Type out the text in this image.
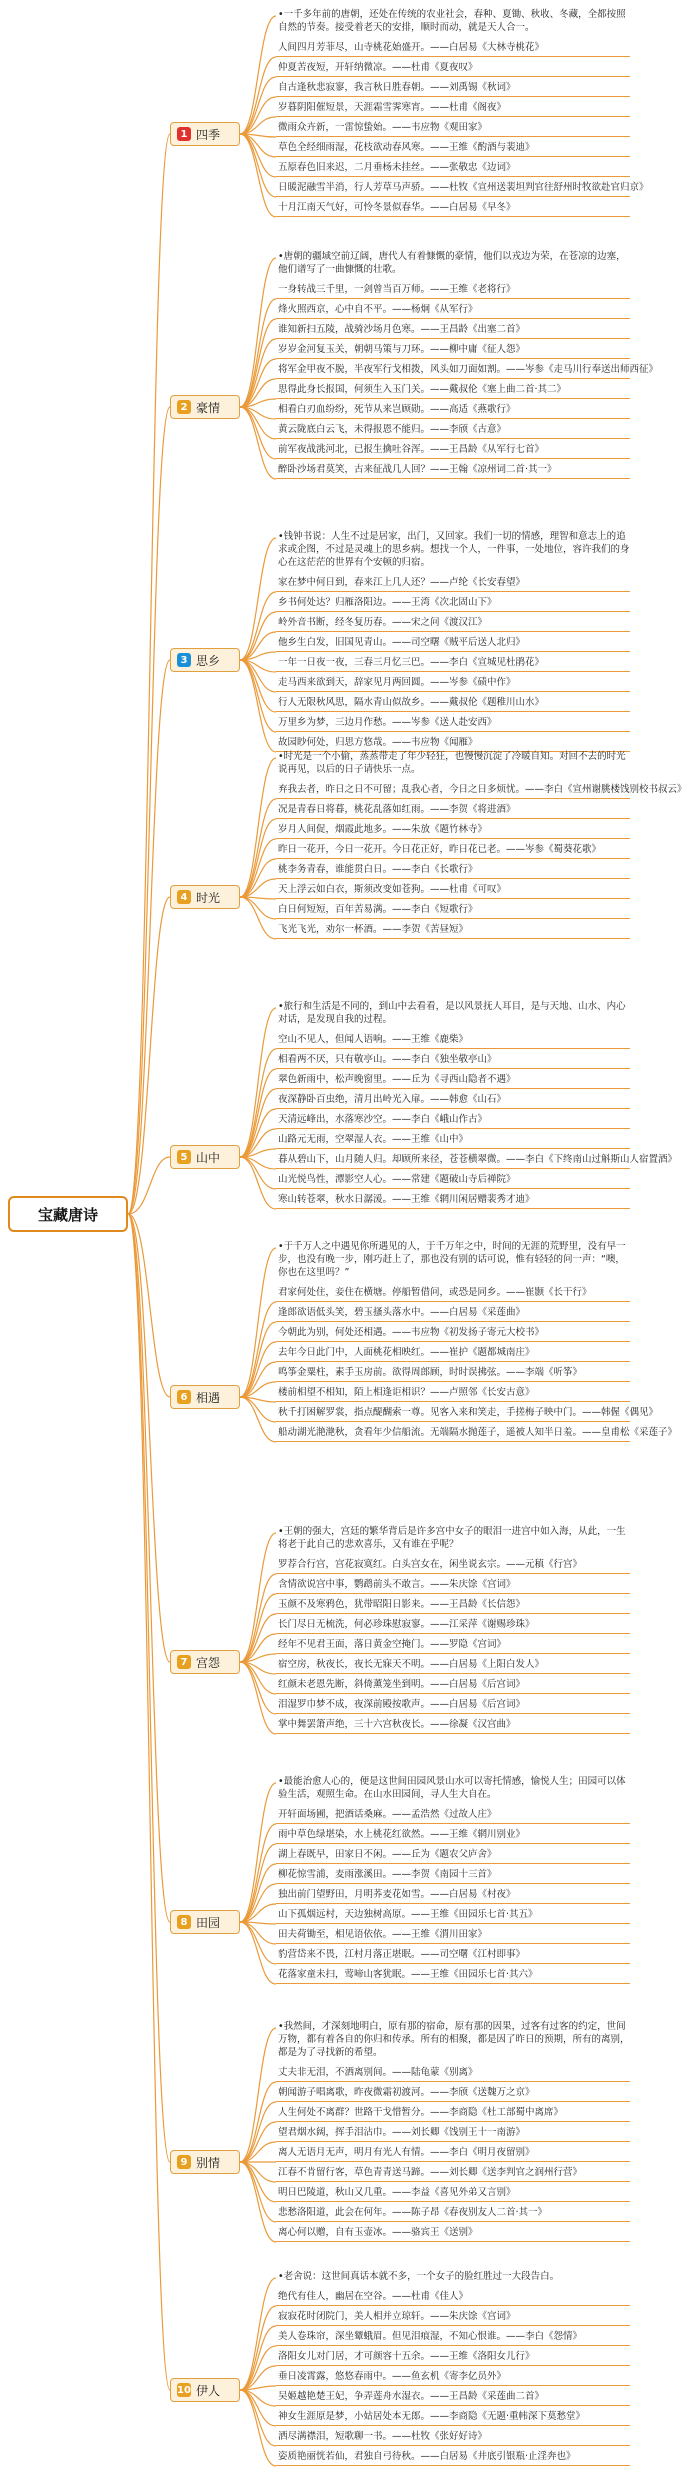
宝藏唐诗
1 四季
•一千多年前的唐朝，还处在传统的农业社会，春种、夏锄、秋收、冬藏，全都按照自然的节奏。接受着老天的安排，顺时而动，就是天人合一。
人间四月芳菲尽，山寺桃花始盛开。——白居易《大林寺桃花》
仲夏苦夜短，开轩纳微凉。——杜甫《夏夜叹》
自古逢秋悲寂寥，我言秋日胜春朝。——刘禹锡《秋词》
岁暮阴阳催短景，天涯霜雪霁寒宵。——杜甫《阁夜》
微雨众卉新，一雷惊蛰始。——韦应物《观田家》
草色全经细雨湿，花枝欲动春风寒。——王维《酌酒与裴迪》
五原春色旧来迟，二月垂杨未挂丝。——张敬忠《边词》
日暖泥融雪半消，行人芳草马声骄。——杜牧《宣州送裴坦判官往舒州时牧欲赴官归京》
十月江南天气好，可怜冬景似春华。——白居易《早冬》
2 豪情
•唐朝的疆域空前辽阔，唐代人有着慷慨的豪情，他们以戎边为荣，在苍凉的边塞，他们谱写了一曲慷慨的壮歌。
一身转战三千里，一剑曾当百万师。——王维《老将行》
烽火照西京，心中自不平。——杨炯《从军行》
谁知新扫五陵，战骑沙场月色寒。——王昌龄《出塞二首》
岁岁金河复玉关，朝朝马策与刀环。——柳中庸《征人怨》
将军金甲夜不脱，半夜军行戈相拨，风头如刀面如割。——岑参《走马川行奉送出师西征》
思得此身长报国，何须生入玉门关。——戴叔伦《塞上曲二首·其二》
相看白刃血纷纷，死节从来岂顾勋。——高适《燕歌行》
黄云陇底白云飞，未得报恩不能归。——李颀《古意》
前军夜战洮河北，已报生擒吐谷浑。——王昌龄《从军行七首》
醉卧沙场君莫笑，古来征战几人回？——王翰《凉州词二首·其一》
3 思乡
•钱钟书说：人生不过是居家，出门，又回家。我们一切的情感，理智和意志上的追求或企图，不过是灵魂上的思乡病。想找一个人，一件事，一处地位，容许我们的身心在这茫茫的世界有个安顿的归宿。
家在梦中何日到，春来江上几人还？——卢纶《长安春望》
乡书何处达？归雁洛阳边。——王湾《次北固山下》
岭外音书断，经冬复历春。——宋之问《渡汉江》
他乡生白发，旧国见青山。——司空曙《贼平后送人北归》
一年一日夜一夜，三春三月忆三巴。——李白《宣城见杜鹃花》
走马西来欲到天，辞家见月两回圆。——岑参《碛中作》
行人无限秋风思，隔水青山似故乡。——戴叔伦《题稚川山水》
万里乡为梦，三边月作愁。——岑参《送人赴安西》
故园眇何处，归思方悠哉。——韦应物《闻雁》
4 时光
•时光是一个小偷，蒸蒸带走了年少轻狂，也慢慢沉淀了冷暖自知。对回不去的时光说再见，以后的日子请快乐一点。
弃我去者，昨日之日不可留；乱我心者，今日之日多烦忧。——李白《宣州谢朓楼饯别校书叔云》
况是青春日将暮，桃花乱落如红雨。——李贺《将进酒》
岁月人间促，烟霞此地多。——朱放《题竹林寺》
昨日一花开，今日一花开。今日花正好，昨日花已老。——岑参《蜀葵花歌》
桃李务青春，谁能贯白日。——李白《长歌行》
天上浮云如白衣，斯须改变如苍狗。——杜甫《可叹》
白日何短短，百年苦易满。——李白《短歌行》
飞光飞光，劝尔一杯酒。——李贺《苦昼短》
5 山中
•旅行和生活是不同的，到山中去看看，是以风景抚人耳目，是与天地、山水、内心对话，是发现自我的过程。
空山不见人，但闻人语响。——王维《鹿柴》
相看两不厌，只有敬亭山。——李白《独坐敬亭山》
翠色新雨中，松声晚窗里。——丘为《寻西山隐者不遇》
夜深静卧百虫绝，清月出岭光入扉。——韩愈《山石》
天清远峰出，水落寒沙空。——李白《峨山作古》
山路元无雨，空翠湿人衣。——王维《山中》
暮从碧山下，山月随人归。却顾所来径，苍苍横翠微。——李白《下终南山过斛斯山人宿置酒》
山光悦鸟性，潭影空人心。——常建《题破山寺后禅院》
寒山转苍翠，秋水日潺湲。——王维《辋川闲居赠裴秀才迪》
6 相遇
•于千万人之中遇见你所遇见的人，于千万年之中，时间的无涯的荒野里，没有早一步，也没有晚一步，刚巧赶上了，那也没有别的话可说，惟有轻轻的问一声：“噢，你也在这里吗？”
君家何处住，妾住在横塘。停船暂借问，或恐是同乡。——崔颢《长干行》
逢郎欲语低头笑，碧玉搔头落水中。——白居易《采莲曲》
今朝此为别，何处还相遇。——韦应物《初发扬子寄元大校书》
去年今日此门中，人面桃花相映红。——崔护《题都城南庄》
鸣筝金粟柱，素手玉房前。欲得周郎顾，时时误拂弦。——李端《听筝》
楼前相望不相知，陌上相逢讵相识？——卢照邻《长安古意》
秋千打困解罗裳，指点醍醐索一尊。见客入来和笑走，手搓梅子映中门。——韩偓《偶见》
船动湖光滟滟秋，贪看年少信船流。无端隔水抛莲子，遥被人知半日羞。——皇甫松《采莲子》
7 宫怨
•王朝的强大，宫廷的繁华背后是许多宫中女子的眼泪一进宫中如入海，从此，一生将老于此自己的悲欢喜乐，又有谁在乎呢？
罗荐合行宫，宫花寂寞红。白头宫女在，闲坐说玄宗。——元稹《行宫》
含情欲说宫中事，鹦鹉前头不敢言。——朱庆馀《宫词》
玉颜不及寒鸦色，犹带昭阳日影来。——王昌龄《长信怨》
长门尽日无梳洗，何必珍珠慰寂寥。——江采萍《谢赐珍珠》
经年不见君王面，落日黄金空掩门。——罗隐《宫词》
宿空房，秋夜长，夜长无寐天不明。——白居易《上阳白发人》
红颜未老恩先断，斜倚薰笼坐到明。——白居易《后宫词》
泪湿罗巾梦不成，夜深前殿按歌声。——白居易《后宫词》
掌中舞罢箫声绝，三十六宫秋夜长。——徐凝《汉宫曲》
8 田园
•最能治愈人心的，便是这世间田园风景山水可以寄托情感，愉悦人生；田园可以体验生活，观照生命。在山水田园间，寻人生大自在。
开轩面场圃，把酒话桑麻。——孟浩然《过故人庄》
雨中草色绿堪染，水上桃花红欲然。——王维《辋川别业》
湖上春既早，田家日不闲。——丘为《题农父庐舍》
柳花惊雪浦，麦雨涨溪田。——李贺《南园十三首》
独出前门望野田，月明荞麦花如雪。——白居易《村夜》
山下孤烟远村，天边独树高原。——王维《田园乐七首·其五》
田夫荷锄至，相见语依依。——王维《渭川田家》
豹营岱来不畏，江村月落正堪眠。——司空曙《江村即事》
花落家童未扫，莺啼山客犹眠。——王维《田园乐七首·其六》
9 别情
•我然间，才深刻地明白，原有那的宿命，原有那的因果，过客有过客的约定，世间万物，都有着各自的你归和传承。所有的相聚，都是因了昨日的预期，所有的离别，都是为了寻找新的希望。
丈夫非无泪，不洒离别间。——陆龟蒙《别离》
朝闻游子唱离歌，昨夜微霜初渡河。——李颀《送魏万之京》
人生何处不离群？世路干戈惜暂分。——李商隐《杜工部蜀中离席》
望君烟水阔，挥手泪沾巾。——刘长卿《饯别王十一南游》
离人无语月无声，明月有光人有情。——李白《明月夜留别》
江春不肯留行客，草色青青送马蹄。——刘长卿《送李判官之润州行营》
明日巴陵道，秋山又几重。——李益《喜见外弟又言别》
悲愁洛阳道，此会在何年。——陈子昂《春夜别友人二首·其一》
离心何以赠，自有玉壶冰。——骆宾王《送别》
10 伊人
•老舍说：这世间真话本就不多，一个女子的脸红胜过一大段告白。
绝代有佳人，幽居在空谷。——杜甫《佳人》
寂寂花时闭院门，美人相并立琼轩。——朱庆馀《宫词》
美人卷珠帘，深坐颦蛾眉。但见泪痕湿，不知心恨谁。——李白《怨情》
洛阳女儿对门居，才可颜容十五余。——王维《洛阳女儿行》
垂日凌霄露，悠悠春雨中。——鱼玄机《寄李亿员外》
吴姬越艳楚王妃，争弄莲舟水湿衣。——王昌龄《采莲曲二首》
神女生涯原是梦，小姑居处本无郎。——李商隐《无题·重帏深下莫愁堂》
洒尽满襟泪，短歌聊一书。——杜牧《张好好诗》
姿质艳丽恍若仙，君独自弓待秋。——白居易《井底引银瓶·止淫奔也》
